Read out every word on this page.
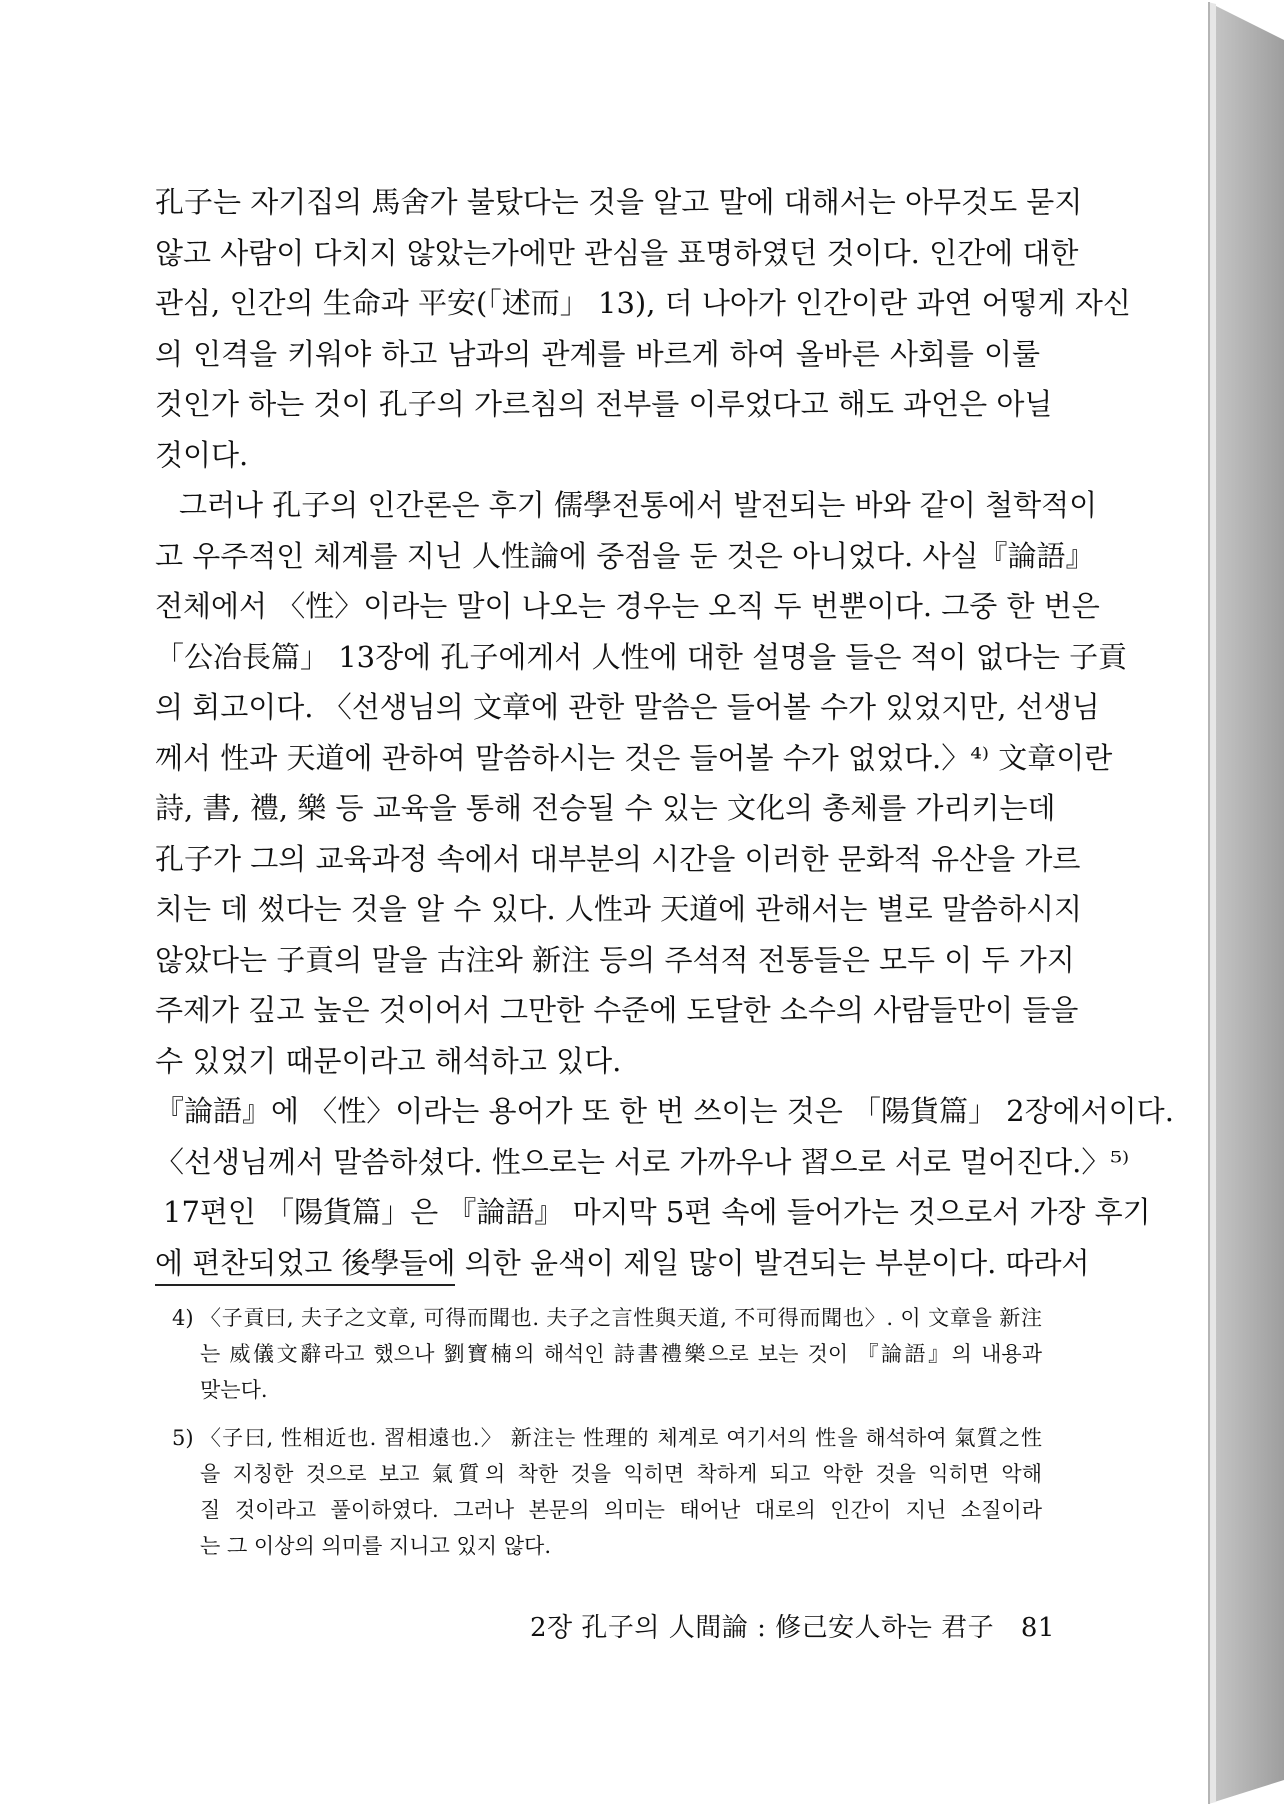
孔子는 자기집의 馬舍가 불탔다는 것을 알고 말에 대해서는 아무것도 묻지
않고 사람이 다치지 않았는가에만 관심을 표명하였던 것이다. 인간에 대한
관심, 인간의 生命과 平安(「述而」 13), 더 나아가 인간이란 과연 어떻게 자신
의 인격을 키워야 하고 남과의 관계를 바르게 하여 올바른 사회를 이룰
것인가 하는 것이 孔子의 가르침의 전부를 이루었다고 해도 과언은 아닐
것이다.

그러나 孔子의 인간론은 후기 儒學전통에서 발전되는 바와 같이 철학적이
고 우주적인 체계를 지닌 人性論에 중점을 둔 것은 아니었다. 사실『論語』
전체에서 〈性〉이라는 말이 나오는 경우는 오직 두 번뿐이다. 그중 한 번은
「公冶長篇」 13장에 孔子에게서 人性에 대한 설명을 들은 적이 없다는 子貢
의 회고이다. 〈선생님의 文章에 관한 말씀은 들어볼 수가 있었지만, 선생님
께서 性과 天道에 관하여 말씀하시는 것은 들어볼 수가 없었다.〉⁴⁾ 文章이란
詩, 書, 禮, 樂 등 교육을 통해 전승될 수 있는 文化의 총체를 가리키는데
孔子가 그의 교육과정 속에서 대부분의 시간을 이러한 문화적 유산을 가르
치는 데 썼다는 것을 알 수 있다. 人性과 天道에 관해서는 별로 말씀하시지
않았다는 子貢의 말을 古注와 新注 등의 주석적 전통들은 모두 이 두 가지
주제가 깊고 높은 것이어서 그만한 수준에 도달한 소수의 사람들만이 들을
수 있었기 때문이라고 해석하고 있다.

『論語』에 〈性〉이라는 용어가 또 한 번 쓰이는 것은 「陽貨篇」 2장에서이다.
〈선생님께서 말씀하셨다. 性으로는 서로 가까우나 習으로 서로 멀어진다.〉⁵⁾
17편인 「陽貨篇」은 『論語』 마지막 5편 속에 들어가는 것으로서 가장 후기
에 편찬되었고 後學들에 의한 윤색이 제일 많이 발견되는 부분이다. 따라서

4) 〈子貢曰, 夫子之文章, 可得而聞也. 夫子之言性與天道, 不可得而聞也〉. 이 文章을 新注
는 威儀文辭라고 했으나 劉寶楠의 해석인 詩書禮樂으로 보는 것이 『論語』의 내용과
맞는다.
5) 〈子曰, 性相近也. 習相遠也.〉 新注는 性理的 체계로 여기서의 性을 해석하여 氣質之性
을 지칭한 것으로 보고 氣質의 착한 것을 익히면 착하게 되고 악한 것을 익히면 악해
질 것이라고 풀이하였다. 그러나 본문의 의미는 태어난 대로의 인간이 지닌 소질이라
는 그 이상의 의미를 지니고 있지 않다.
2장 孔子의 人間論 : 修己安人하는 君子 81
